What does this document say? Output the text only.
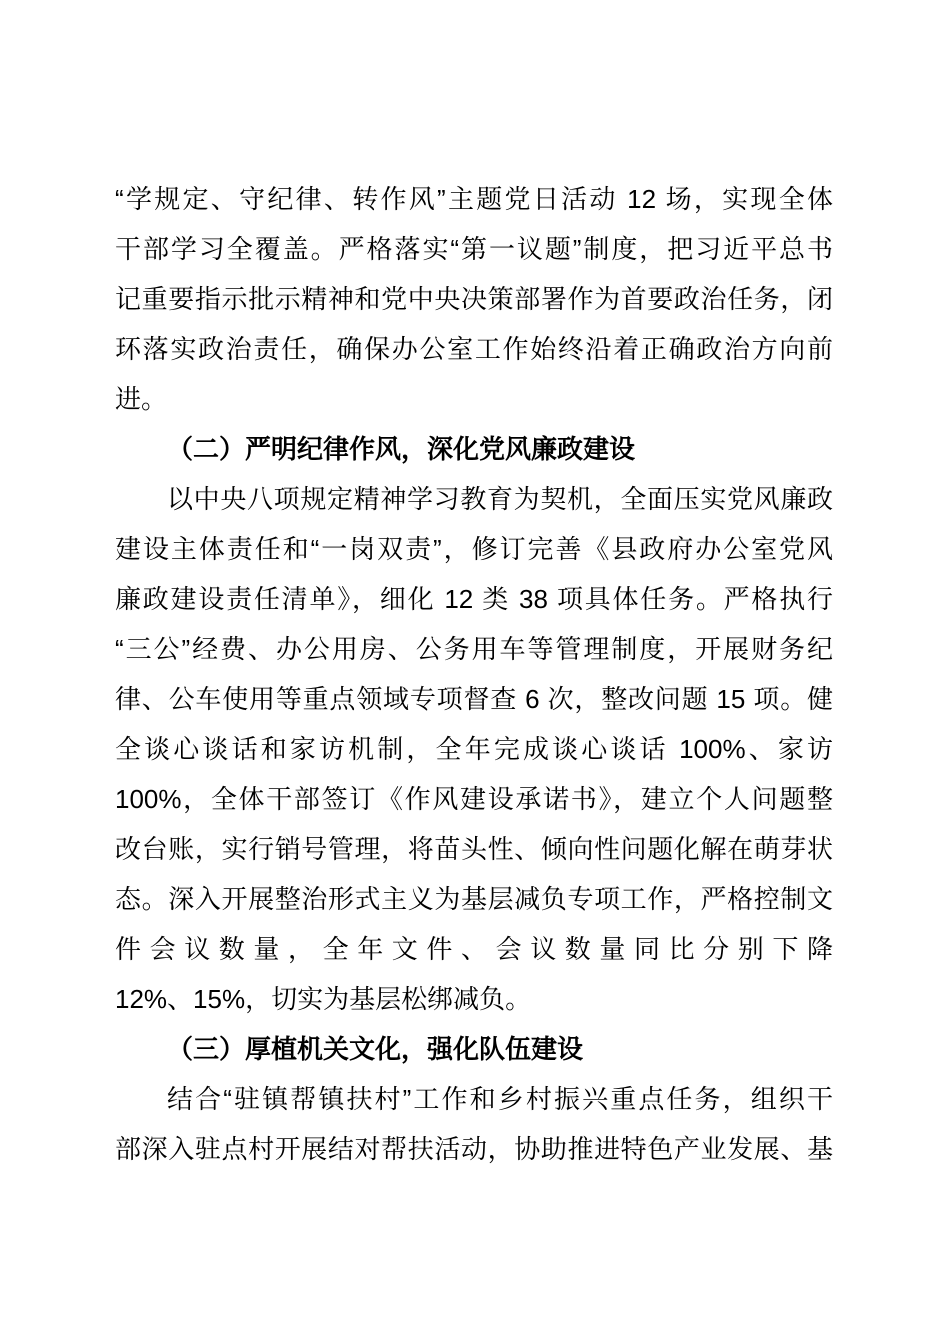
“学规定、守纪律、转作风”主题党日活动 12 场，实现全体
干部学习全覆盖。严格落实“第一议题”制度，把习近平总书
记重要指示批示精神和党中央决策部署作为首要政治任务，闭
环落实政治责任，确保办公室工作始终沿着正确政治方向前
进。
（二）严明纪律作风，深化党风廉政建设
以中央八项规定精神学习教育为契机，全面压实党风廉政
建设主体责任和“一岗双责”，修订完善《县政府办公室党风
廉政建设责任清单》，细化 12 类 38 项具体任务。严格执行
“三公”经费、办公用房、公务用车等管理制度，开展财务纪
律、公车使用等重点领域专项督查 6 次，整改问题 15 项。健
全谈心谈话和家访机制，全年完成谈心谈话 100%、家访
100%，全体干部签订《作风建设承诺书》，建立个人问题整
改台账，实行销号管理，将苗头性、倾向性问题化解在萌芽状
态。深入开展整治形式主义为基层减负专项工作，严格控制文
件会议数量，全年文件、会议数量同比分别下降
12%、15%，切实为基层松绑减负。
（三）厚植机关文化，强化队伍建设
结合“驻镇帮镇扶村”工作和乡村振兴重点任务，组织干
部深入驻点村开展结对帮扶活动，协助推进特色产业发展、基
